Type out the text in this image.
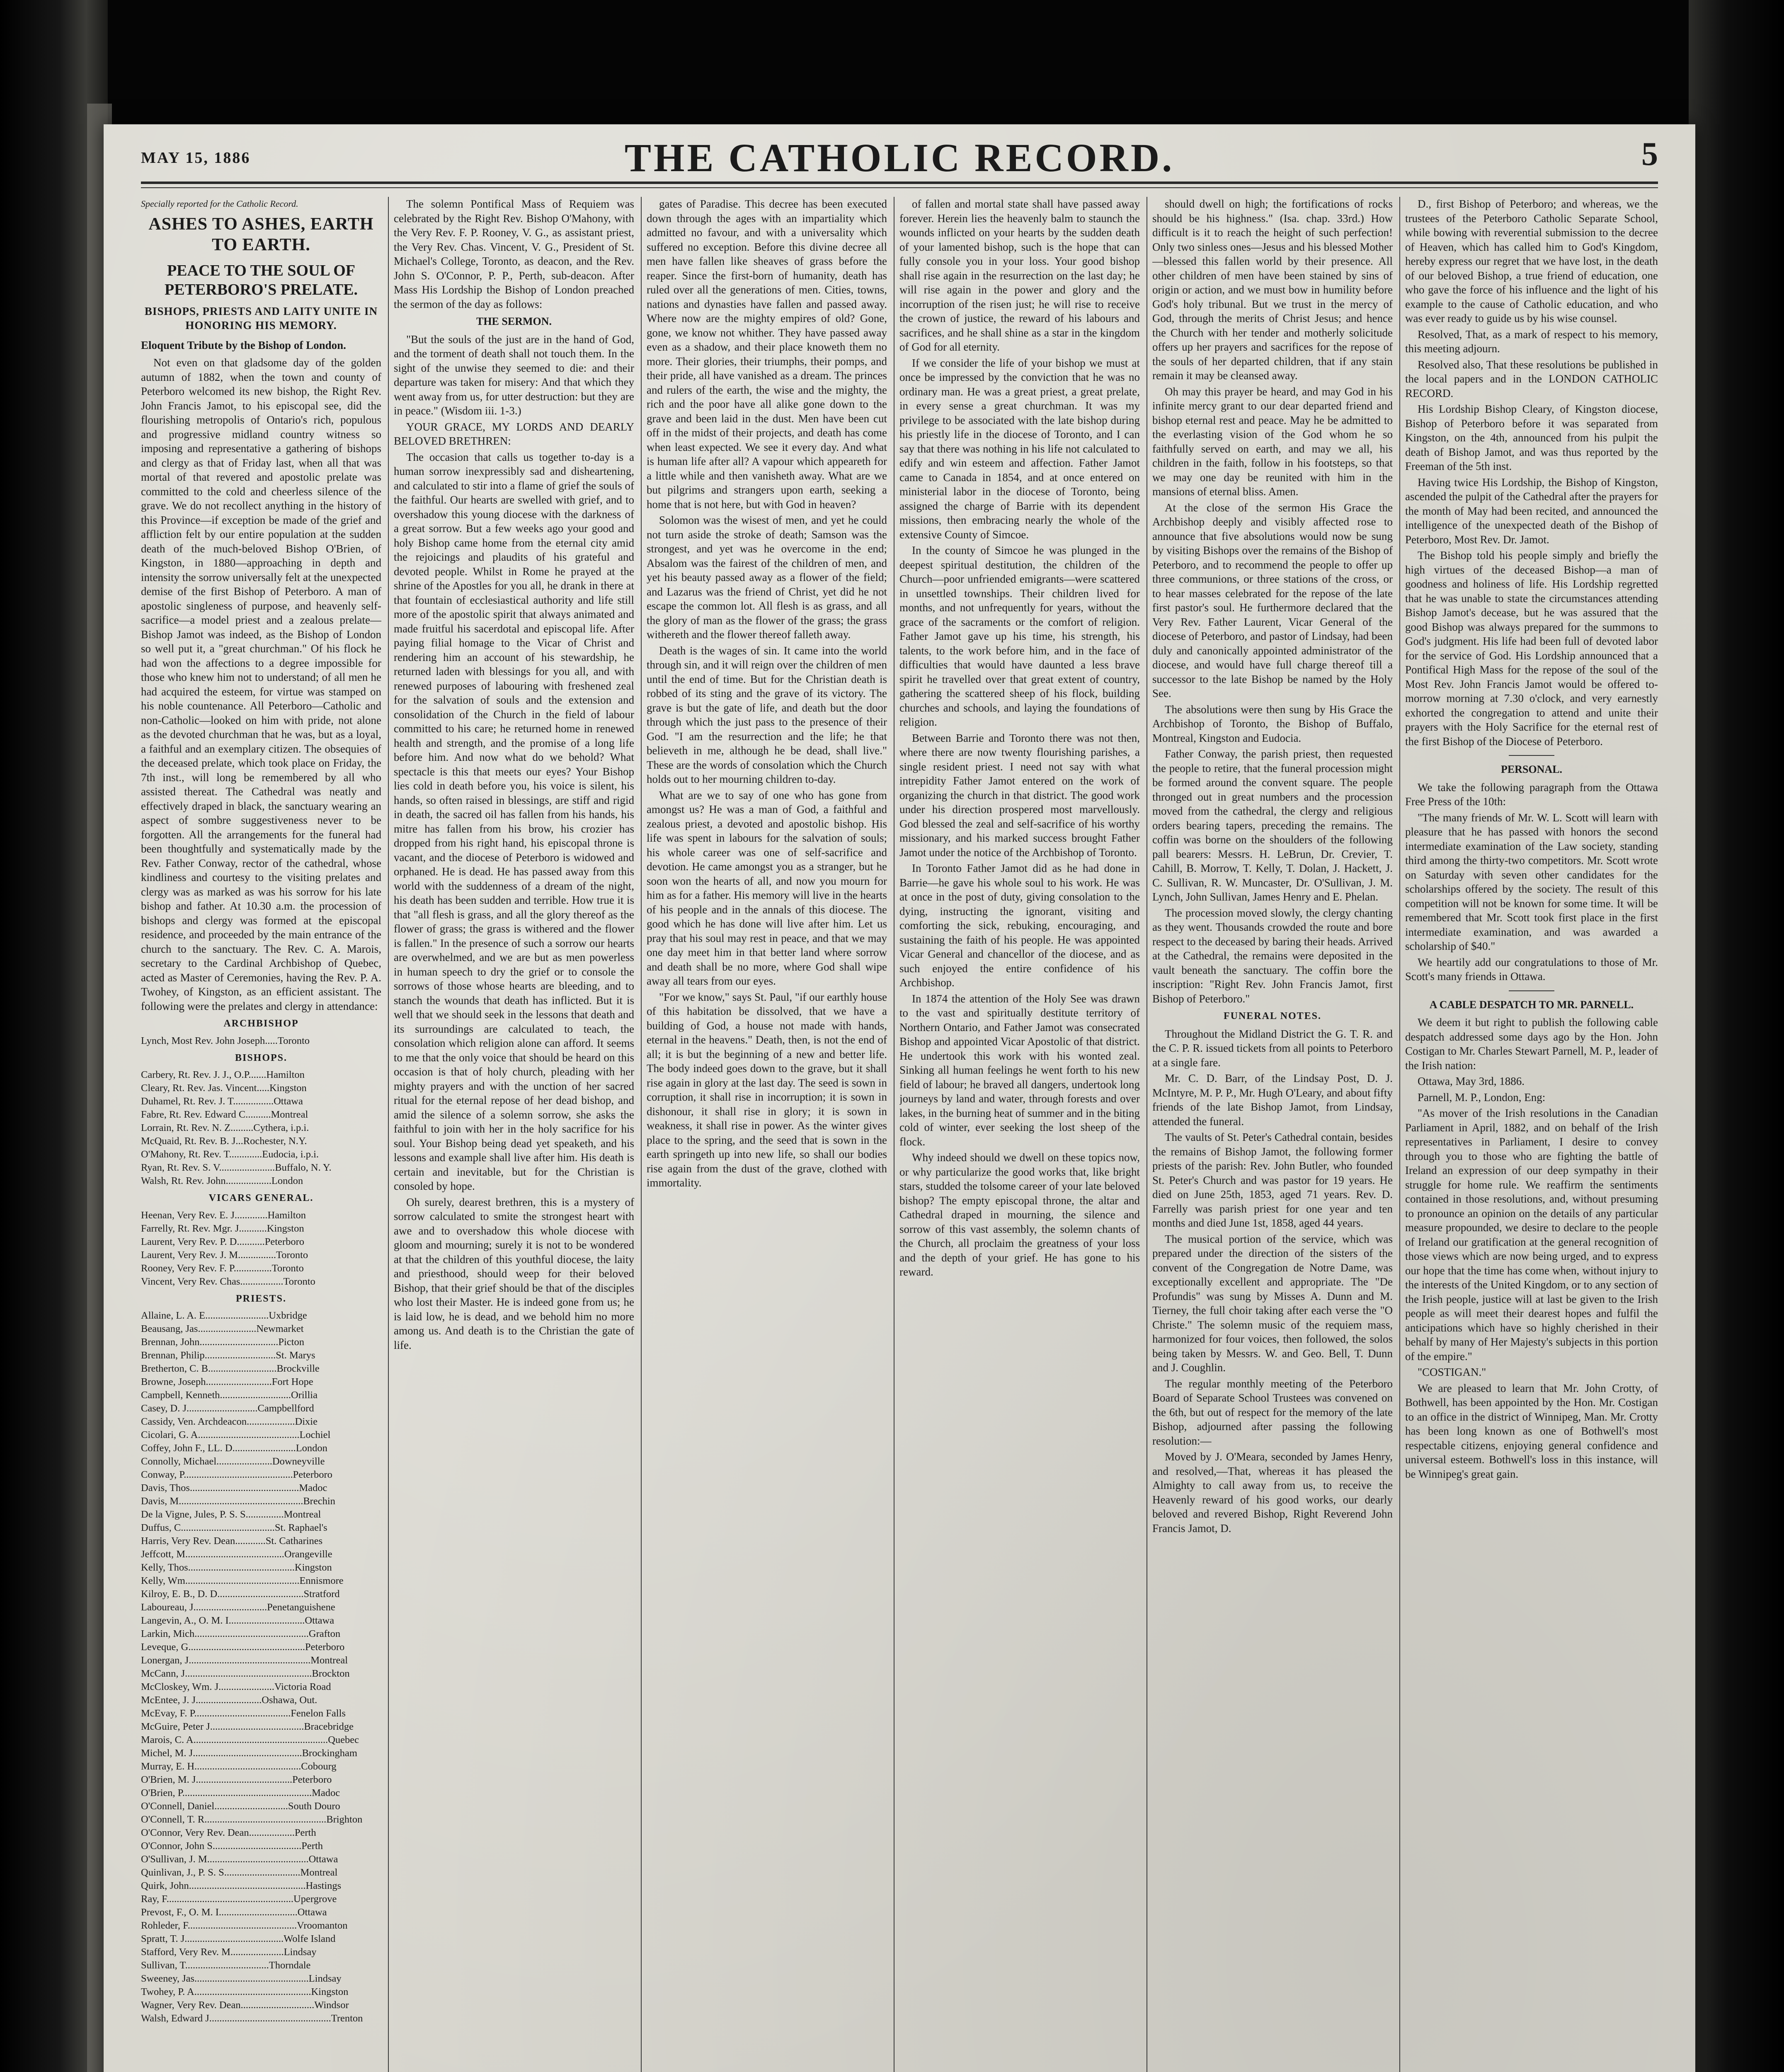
MAY 15, 1886	THE CATHOLIC RECORD.	5

Specially reported for the Catholic Record.

ASHES TO ASHES, EARTH TO EARTH.
PEACE TO THE SOUL OF PETERBORO'S PRELATE.
BISHOPS, PRIESTS AND LAITY UNITE IN HONORING HIS MEMORY.

Eloquent Tribute by the Bishop of London.

Not even on that gladsome day of the golden autumn of 1882, when the town and county of Peterboro welcomed its new bishop, the Right Rev. John Francis Jamot, to his episcopal see, did the flourishing metropolis of Ontario's rich, populous and progressive midland country witness so imposing and representative a gathering of bishops and clergy as that of Friday last, when all that was mortal of that revered and apostolic prelate was committed to the cold and cheerless silence of the grave. We do not recollect anything in the history of this Province—if exception be made of the grief and affliction felt by our entire population at the sudden death of the much-beloved Bishop O'Brien, of Kingston, in 1880—approaching in depth and intensity the sorrow universally felt at the unexpected demise of the first Bishop of Peterboro. A man of apostolic singleness of purpose, and heavenly self-sacrifice—a model priest and a zealous prelate—Bishop Jamot was indeed, as the Bishop of London so well put it, a "great churchman." Of his flock he had won the affections to a degree impossible for those who knew him not to understand; of all men he had acquired the esteem, for virtue was stamped on his noble countenance. All Peterboro—Catholic and non-Catholic—looked on him with pride, not alone as the devoted churchman that he was, but as a loyal, a faithful and an exemplary citizen. The obsequies of the deceased prelate, which took place on Friday, the 7th inst., will long be remembered by all who assisted thereat. The Cathedral was neatly and effectively draped in black, the sanctuary wearing an aspect of sombre suggestiveness never to be forgotten. All the arrangements for the funeral had been thoughtfully and systematically made by the Rev. Father Conway, rector of the cathedral, whose kindliness and courtesy to the visiting prelates and clergy was as marked as was his sorrow for his late bishop and father. At 10.30 a.m. the procession of bishops and clergy was formed at the episcopal residence, and proceeded by the main entrance of the church to the sanctuary. The Rev. C. A. Marois, secretary to the Cardinal Archbishop of Quebec, acted as Master of Ceremonies, having the Rev. P. A. Twohey, of Kingston, as an efficient assistant. The following were the prelates and clergy in attendance:

ARCHBISHOP
Lynch, Most Rev. John Joseph.....Toronto
BISHOPS.
Carbery, Rt. Rev. J. J., O.P.......Hamilton
Cleary, Rt. Rev. Jas. Vincent.....Kingston
Duhamel, Rt. Rev. J. T................Ottawa
Fabre, Rt. Rev. Edward C..........Montreal
Lorrain, Rt. Rev. N. Z.........Cythera, i.p.i.
McQuaid, Rt. Rev. B. J...Rochester, N.Y.
O'Mahony, Rt. Rev. T.............Eudocia, i.p.i.
Ryan, Rt. Rev. S. V......................Buffalo, N. Y.
Walsh, Rt. Rev. John..................London
VICARS GENERAL.
Heenan, Very Rev. E. J.............Hamilton
Farrelly, Rt. Rev. Mgr. J...........Kingston
Laurent, Very Rev. P. D...........Peterboro
Laurent, Very Rev. J. M...............Toronto
Rooney, Very Rev. F. P...............Toronto
Vincent, Very Rev. Chas.................Toronto
PRIESTS.
Allaine, L. A. E.........................Uxbridge
Beausang, Jas.......................Newmarket
Brennan, John...............................Picton
Brennan, Philip............................St. Marys
Bretherton, C. B...........................Brockville
Browne, Joseph..........................Fort Hope
Campbell, Kenneth............................Orillia
Casey, D. J............................Campbellford
Cassidy, Ven. Archdeacon...................Dixie
Cicolari, G. A........................................Lochiel
Coffey, John F., LL. D.........................London
Connolly, Michael......................Downeyville
Conway, P...........................................Peterboro
Davis, Thos...........................................Madoc
Davis, M.................................................Brechin
De la Vigne, Jules, P. S. S...............Montreal
Duffus, C.....................................St. Raphael's
Harris, Very Rev. Dean............St. Catharines
Jeffcott, M.......................................Orangeville
Kelly, Thos..........................................Kingston
Kelly, Wm.............................................Ennismore
Kilroy, E. B., D. D..................................Stratford
Laboureau, J.............................Penetanguishene
Langevin, A., O. M. I..............................Ottawa
Larkin, Mich.............................................Grafton
Leveque, G..............................................Peterboro
Lonergan, J................................................Montreal
McCann, J..................................................Brockton
McCloskey, Wm. J......................Victoria Road
McEntee, J. J..........................Oshawa, Out.
McEvay, F. P......................................Fenelon Falls
McGuire, Peter J.....................................Bracebridge
Marois, C. A.....................................................Quebec
Michel, M. J...........................................Brockingham
Murray, E. H..........................................Cobourg
O'Brien, M. J......................................Peterboro
O'Brien, P...................................................Madoc
O'Connell, Daniel.............................South Douro
O'Connell, T. R................................................Brighton
O'Connor, Very Rev. Dean..................Perth
O'Connor, John S...................................Perth
O'Sullivan, J. M........................................Ottawa
Quinlivan, J., P. S. S..............................Montreal
Quirk, John..............................................Hastings
Ray, F..................................................Upergrove
Prevost, F., O. M. I...............................Ottawa
Rohleder, F...........................................Vroomanton
Spratt, T. J.......................................Wolfe Island
Stafford, Very Rev. M.....................Lindsay
Sullivan, T.................................Thorndale
Sweeney, Jas.............................................Lindsay
Twohey, P. A..............................................Kingston
Wagner, Very Rev. Dean.............................Windsor
Walsh, Edward J................................................Trenton

The solemn Pontifical Mass of Requiem was celebrated by the Right Rev. Bishop O'Mahony, with the Very Rev. F. P. Rooney, V. G., as assistant priest, the Very Rev. Chas. Vincent, V. G., President of St. Michael's College, Toronto, as deacon, and the Rev. John S. O'Connor, P. P., Perth, sub-deacon. After Mass His Lordship the Bishop of London preached the sermon of the day as follows:

THE SERMON.

"But the souls of the just are in the hand of God, and the torment of death shall not touch them. In the sight of the unwise they seemed to die: and their departure was taken for misery: And that which they went away from us, for utter destruction: but they are in peace." (Wisdom iii. 1-3.)

YOUR GRACE, MY LORDS AND DEARLY BELOVED BRETHREN:

The occasion that calls us together to-day is a human sorrow inexpressibly sad and disheartening, and calculated to stir into a flame of grief the souls of the faithful. Our hearts are swelled with grief, and to overshadow this young diocese with the darkness of a great sorrow. But a few weeks ago your good and holy Bishop came home from the eternal city amid the rejoicings and plaudits of his grateful and devoted people. Whilst in Rome he prayed at the shrine of the Apostles for you all, he drank in there at that fountain of ecclesiastical authority and life still more of the apostolic spirit that always animated and made fruitful his sacerdotal and episcopal life. After paying filial homage to the Vicar of Christ and rendering him an account of his stewardship, he returned laden with blessings for you all, and with renewed purposes of labouring with freshened zeal for the salvation of souls and the extension and consolidation of the Church in the field of labour committed to his care; he returned home in renewed health and strength, and the promise of a long life before him. And now what do we behold? What spectacle is this that meets our eyes? Your Bishop lies cold in death before you, his voice is silent, his hands, so often raised in blessings, are stiff and rigid in death, the sacred oil has fallen from his hands, his mitre has fallen from his brow, his crozier has dropped from his right hand, his episcopal throne is vacant, and the diocese of Peterboro is widowed and orphaned. He is dead. He has passed away from this world with the suddenness of a dream of the night, his death has been sudden and terrible. How true it is that "all flesh is grass, and all the glory thereof as the flower of grass; the grass is withered and the flower is fallen." In the presence of such a sorrow our hearts are overwhelmed, and we are but as men powerless in human speech to dry the grief or to console the sorrows of those whose hearts are bleeding, and to stanch the wounds that death has inflicted. But it is well that we should seek in the lessons that death and its surroundings are calculated to teach, the consolation which religion alone can afford. It seems to me that the only voice that should be heard on this occasion is that of holy church, pleading with her mighty prayers and with the unction of her sacred ritual for the eternal repose of her dead bishop, and amid the silence of a solemn sorrow, she asks the faithful to join with her in the holy sacrifice for his soul. Your Bishop being dead yet speaketh, and his lessons and example shall live after him. His death is certain and inevitable, but for the Christian is consoled by hope.

Oh surely, dearest brethren, this is a mystery of sorrow calculated to smite the strongest heart with awe and to overshadow this whole diocese with gloom and mourning; surely it is not to be wondered at that the children of this youthful diocese, the laity and priesthood, should weep for their beloved Bishop, that their grief should be that of the disciples who lost their Master. He is indeed gone from us; he is laid low, he is dead, and we behold him no more among us. And death is to the Christian the gate of life.

gates of Paradise. This decree has been executed down through the ages with an impartiality which admitted no favour, and with a universality which suffered no exception. Before this divine decree all men have fallen like sheaves of grass before the reaper. Since the first-born of humanity, death has ruled over all the generations of men. Cities, towns, nations and dynasties have fallen and passed away. Where now are the mighty empires of old? Gone, gone, we know not whither. They have passed away even as a shadow, and their place knoweth them no more. Their glories, their triumphs, their pomps, and their pride, all have vanished as a dream. The princes and rulers of the earth, the wise and the mighty, the rich and the poor have all alike gone down to the grave and been laid in the dust. Men have been cut off in the midst of their projects, and death has come when least expected. We see it every day. And what is human life after all? A vapour which appeareth for a little while and then vanisheth away. What are we but pilgrims and strangers upon earth, seeking a home that is not here, but with God in heaven?

Solomon was the wisest of men, and yet he could not turn aside the stroke of death; Samson was the strongest, and yet was he overcome in the end; Absalom was the fairest of the children of men, and yet his beauty passed away as a flower of the field; and Lazarus was the friend of Christ, yet did he not escape the common lot. All flesh is as grass, and all the glory of man as the flower of the grass; the grass withereth and the flower thereof falleth away.

Death is the wages of sin. It came into the world through sin, and it will reign over the children of men until the end of time. But for the Christian death is robbed of its sting and the grave of its victory. The grave is but the gate of life, and death but the door through which the just pass to the presence of their God. "I am the resurrection and the life; he that believeth in me, although he be dead, shall live." These are the words of consolation which the Church holds out to her mourning children to-day.

What are we to say of one who has gone from amongst us? He was a man of God, a faithful and zealous priest, a devoted and apostolic bishop. His life was spent in labours for the salvation of souls; his whole career was one of self-sacrifice and devotion. He came amongst you as a stranger, but he soon won the hearts of all, and now you mourn for him as for a father. His memory will live in the hearts of his people and in the annals of this diocese. The good which he has done will live after him. Let us pray that his soul may rest in peace, and that we may one day meet him in that better land where sorrow and death shall be no more, where God shall wipe away all tears from our eyes.

"For we know," says St. Paul, "if our earthly house of this habitation be dissolved, that we have a building of God, a house not made with hands, eternal in the heavens." Death, then, is not the end of all; it is but the beginning of a new and better life. The body indeed goes down to the grave, but it shall rise again in glory at the last day. The seed is sown in corruption, it shall rise in incorruption; it is sown in dishonour, it shall rise in glory; it is sown in weakness, it shall rise in power. As the winter gives place to the spring, and the seed that is sown in the earth springeth up into new life, so shall our bodies rise again from the dust of the grave, clothed with immortality.

of fallen and mortal state shall have passed away forever. Herein lies the heavenly balm to staunch the wounds inflicted on your hearts by the sudden death of your lamented bishop, such is the hope that can fully console you in your loss. Your good bishop shall rise again in the resurrection on the last day; he will rise again in the power and glory and the incorruption of the risen just; he will rise to receive the crown of justice, the reward of his labours and sacrifices, and he shall shine as a star in the kingdom of God for all eternity.

If we consider the life of your bishop we must at once be impressed by the conviction that he was no ordinary man. He was a great priest, a great prelate, in every sense a great churchman. It was my privilege to be associated with the late bishop during his priestly life in the diocese of Toronto, and I can say that there was nothing in his life not calculated to edify and win esteem and affection. Father Jamot came to Canada in 1854, and at once entered on ministerial labor in the diocese of Toronto, being assigned the charge of Barrie with its dependent missions, then embracing nearly the whole of the extensive County of Simcoe.

In the county of Simcoe he was plunged in the deepest spiritual destitution, the children of the Church—poor unfriended emigrants—were scattered in unsettled townships. Their children lived for months, and not unfrequently for years, without the grace of the sacraments or the comfort of religion. Father Jamot gave up his time, his strength, his talents, to the work before him, and in the face of difficulties that would have daunted a less brave spirit he travelled over that great extent of country, gathering the scattered sheep of his flock, building churches and schools, and laying the foundations of religion.

Between Barrie and Toronto there was not then, where there are now twenty flourishing parishes, a single resident priest. I need not say with what intrepidity Father Jamot entered on the work of organizing the church in that district. The good work under his direction prospered most marvellously. God blessed the zeal and self-sacrifice of his worthy missionary, and his marked success brought Father Jamot under the notice of the Archbishop of Toronto.

In Toronto Father Jamot did as he had done in Barrie—he gave his whole soul to his work. He was at once in the post of duty, giving consolation to the dying, instructing the ignorant, visiting and comforting the sick, rebuking, encouraging, and sustaining the faith of his people. He was appointed Vicar General and chancellor of the diocese, and as such enjoyed the entire confidence of his Archbishop.

In 1874 the attention of the Holy See was drawn to the vast and spiritually destitute territory of Northern Ontario, and Father Jamot was consecrated Bishop and appointed Vicar Apostolic of that district. He undertook this work with his wonted zeal. Sinking all human feelings he went forth to his new field of labour; he braved all dangers, undertook long journeys by land and water, through forests and over lakes, in the burning heat of summer and in the biting cold of winter, ever seeking the lost sheep of the flock.

Why indeed should we dwell on these topics now, or why particularize the good works that, like bright stars, studded the tolsome career of your late beloved bishop? The empty episcopal throne, the altar and Cathedral draped in mourning, the silence and sorrow of this vast assembly, the solemn chants of the Church, all proclaim the greatness of your loss and the depth of your grief. He has gone to his reward.

should dwell on high; the fortifications of rocks should be his highness." (Isa. chap. 33rd.) How difficult is it to reach the height of such perfection! Only two sinless ones—Jesus and his blessed Mother—blessed this fallen world by their presence. All other children of men have been stained by sins of origin or action, and we must bow in humility before God's holy tribunal. But we trust in the mercy of God, through the merits of Christ Jesus; and hence the Church with her tender and motherly solicitude offers up her prayers and sacrifices for the repose of the souls of her departed children, that if any stain remain it may be cleansed away.

Oh may this prayer be heard, and may God in his infinite mercy grant to our dear departed friend and bishop eternal rest and peace. May he be admitted to the everlasting vision of the God whom he so faithfully served on earth, and may we all, his children in the faith, follow in his footsteps, so that we may one day be reunited with him in the mansions of eternal bliss. Amen.

At the close of the sermon His Grace the Archbishop deeply and visibly affected rose to announce that five absolutions would now be sung by visiting Bishops over the remains of the Bishop of Peterboro, and to recommend the people to offer up three communions, or three stations of the cross, or to hear masses celebrated for the repose of the late first pastor's soul. He furthermore declared that the Very Rev. Father Laurent, Vicar General of the diocese of Peterboro, and pastor of Lindsay, had been duly and canonically appointed administrator of the diocese, and would have full charge thereof till a successor to the late Bishop be named by the Holy See.

The absolutions were then sung by His Grace the Archbishop of Toronto, the Bishop of Buffalo, Montreal, Kingston and Eudocia.

Father Conway, the parish priest, then requested the people to retire, that the funeral procession might be formed around the convent square. The people thronged out in great numbers and the procession moved from the cathedral, the clergy and religious orders bearing tapers, preceding the remains. The coffin was borne on the shoulders of the following pall bearers: Messrs. H. LeBrun, Dr. Crevier, T. Cahill, B. Morrow, T. Kelly, T. Dolan, J. Hackett, J. C. Sullivan, R. W. Muncaster, Dr. O'Sullivan, J. M. Lynch, John Sullivan, James Henry and E. Phelan.

The procession moved slowly, the clergy chanting as they went. Thousands crowded the route and bore respect to the deceased by baring their heads. Arrived at the Cathedral, the remains were deposited in the vault beneath the sanctuary. The coffin bore the inscription: "Right Rev. John Francis Jamot, first Bishop of Peterboro."

FUNERAL NOTES.

Throughout the Midland District the G. T. R. and the C. P. R. issued tickets from all points to Peterboro at a single fare.

Mr. C. D. Barr, of the Lindsay Post, D. J. McIntyre, M. P. P., Mr. Hugh O'Leary, and about fifty friends of the late Bishop Jamot, from Lindsay, attended the funeral.

The vaults of St. Peter's Cathedral contain, besides the remains of Bishop Jamot, the following former priests of the parish: Rev. John Butler, who founded St. Peter's Church and was pastor for 19 years. He died on June 25th, 1853, aged 71 years. Rev. D. Farrelly was parish priest for one year and ten months and died June 1st, 1858, aged 44 years.

The musical portion of the service, which was prepared under the direction of the sisters of the convent of the Congregation de Notre Dame, was exceptionally excellent and appropriate. The "De Profundis" was sung by Misses A. Dunn and M. Tierney, the full choir taking after each verse the "O Christe." The solemn music of the requiem mass, harmonized for four voices, then followed, the solos being taken by Messrs. W. and Geo. Bell, T. Dunn and J. Coughlin.

The regular monthly meeting of the Peterboro Board of Separate School Trustees was convened on the 6th, but out of respect for the memory of the late Bishop, adjourned after passing the following resolution:—

Moved by J. O'Meara, seconded by James Henry, and resolved,—That, whereas it has pleased the Almighty to call away from us, to receive the Heavenly reward of his good works, our dearly beloved and revered Bishop, Right Reverend John Francis Jamot, D.

D., first Bishop of Peterboro; and whereas, we the trustees of the Peterboro Catholic Separate School, while bowing with reverential submission to the decree of Heaven, which has called him to God's Kingdom, hereby express our regret that we have lost, in the death of our beloved Bishop, a true friend of education, one who gave the force of his influence and the light of his example to the cause of Catholic education, and who was ever ready to guide us by his wise counsel.

Resolved, That, as a mark of respect to his memory, this meeting adjourn.

Resolved also, That these resolutions be published in the local papers and in the LONDON CATHOLIC RECORD.

His Lordship Bishop Cleary, of Kingston diocese, Bishop of Peterboro before it was separated from Kingston, on the 4th, announced from his pulpit the death of Bishop Jamot, and was thus reported by the Freeman of the 5th inst.

Having twice His Lordship, the Bishop of Kingston, ascended the pulpit of the Cathedral after the prayers for the month of May had been recited, and announced the intelligence of the unexpected death of the Bishop of Peterboro, Most Rev. Dr. Jamot.

The Bishop told his people simply and briefly the high virtues of the deceased Bishop—a man of goodness and holiness of life. His Lordship regretted that he was unable to state the circumstances attending Bishop Jamot's decease, but he was assured that the good Bishop was always prepared for the summons to God's judgment. His life had been full of devoted labor for the service of God. His Lordship announced that a Pontifical High Mass for the repose of the soul of the Most Rev. John Francis Jamot would be offered to-morrow morning at 7.30 o'clock, and very earnestly exhorted the congregation to attend and unite their prayers with the Holy Sacrifice for the eternal rest of the first Bishop of the Diocese of Peterboro.

PERSONAL.

We take the following paragraph from the Ottawa Free Press of the 10th:

"The many friends of Mr. W. L. Scott will learn with pleasure that he has passed with honors the second intermediate examination of the Law society, standing third among the thirty-two competitors. Mr. Scott wrote on Saturday with seven other candidates for the scholarships offered by the society. The result of this competition will not be known for some time. It will be remembered that Mr. Scott took first place in the first intermediate examination, and was awarded a scholarship of $40."

We heartily add our congratulations to those of Mr. Scott's many friends in Ottawa.

A CABLE DESPATCH TO MR. PARNELL.

We deem it but right to publish the following cable despatch addressed some days ago by the Hon. John Costigan to Mr. Charles Stewart Parnell, M. P., leader of the Irish nation:

Ottawa, May 3rd, 1886.

Parnell, M. P., London, Eng:

"As mover of the Irish resolutions in the Canadian Parliament in April, 1882, and on behalf of the Irish representatives in Parliament, I desire to convey through you to those who are fighting the battle of Ireland an expression of our deep sympathy in their struggle for home rule. We reaffirm the sentiments contained in those resolutions, and, without presuming to pronounce an opinion on the details of any particular measure propounded, we desire to declare to the people of Ireland our gratification at the general recognition of those views which are now being urged, and to express our hope that the time has come when, without injury to the interests of the United Kingdom, or to any section of the Irish people, justice will at last be given to the Irish people as will meet their dearest hopes and fulfil the anticipations which have so highly cherished in their behalf by many of Her Majesty's subjects in this portion of the empire."

"COSTIGAN."

We are pleased to learn that Mr. John Crotty, of Bothwell, has been appointed by the Hon. Mr. Costigan to an office in the district of Winnipeg, Man. Mr. Crotty has been long known as one of Bothwell's most respectable citizens, enjoying general confidence and universal esteem. Bothwell's loss in this instance, will be Winnipeg's great gain.
